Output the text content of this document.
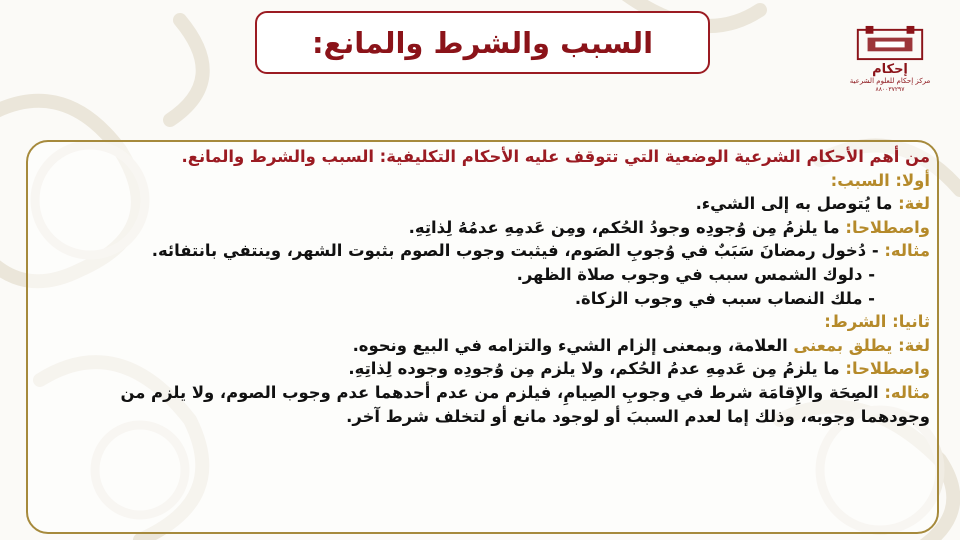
السبب والشرط والمانع:
إحكام
مركز إحكام للعلوم الشرعية
٨٨٠٠٣٧٢٩٧
من أهم الأحكام الشرعية الوضعية التي تتوقف عليه الأحكام التكليفية: السبب والشرط والمانع.
أولا: السبب:
لغة: ما يُتوصل به إلى الشيء.
واصطلاحا: ما يلزمُ مِن وُجودِه وجودُ الحُكم، ومِن عَدمِهِ عدمُهُ لِذاتِهِ.
مثاله: - دُخول رمضانَ سَبَبٌ في وُجوبِ الصَوم، فيثبت وجوب الصوم بثبوت الشهر، وينتفي بانتفائه.
- دلوك الشمس سبب في وجوب صلاة الظهر.
- ملك النصاب سبب في وجوب الزكاة.
ثانيا: الشرط:
لغة: يطلق بمعنى العلامة، وبمعنى إلزام الشيء والتزامه في البيع ونحوه.
واصطلاحا: ما يلزمُ مِن عَدمِهِ عدمُ الحُكم، ولا يلزم مِن وُجودِه وجوده لِذاتِهِ.
مثاله: الصِحَة والإِقامَة شرط في وجوبِ الصِيامِ، فيلزم من عدم أحدهما عدم وجوب الصوم، ولا يلزم من
وجودهما وجوبه، وذلك إما لعدم السببَ أو لوجود مانع أو لتخلف شرط آخر.
